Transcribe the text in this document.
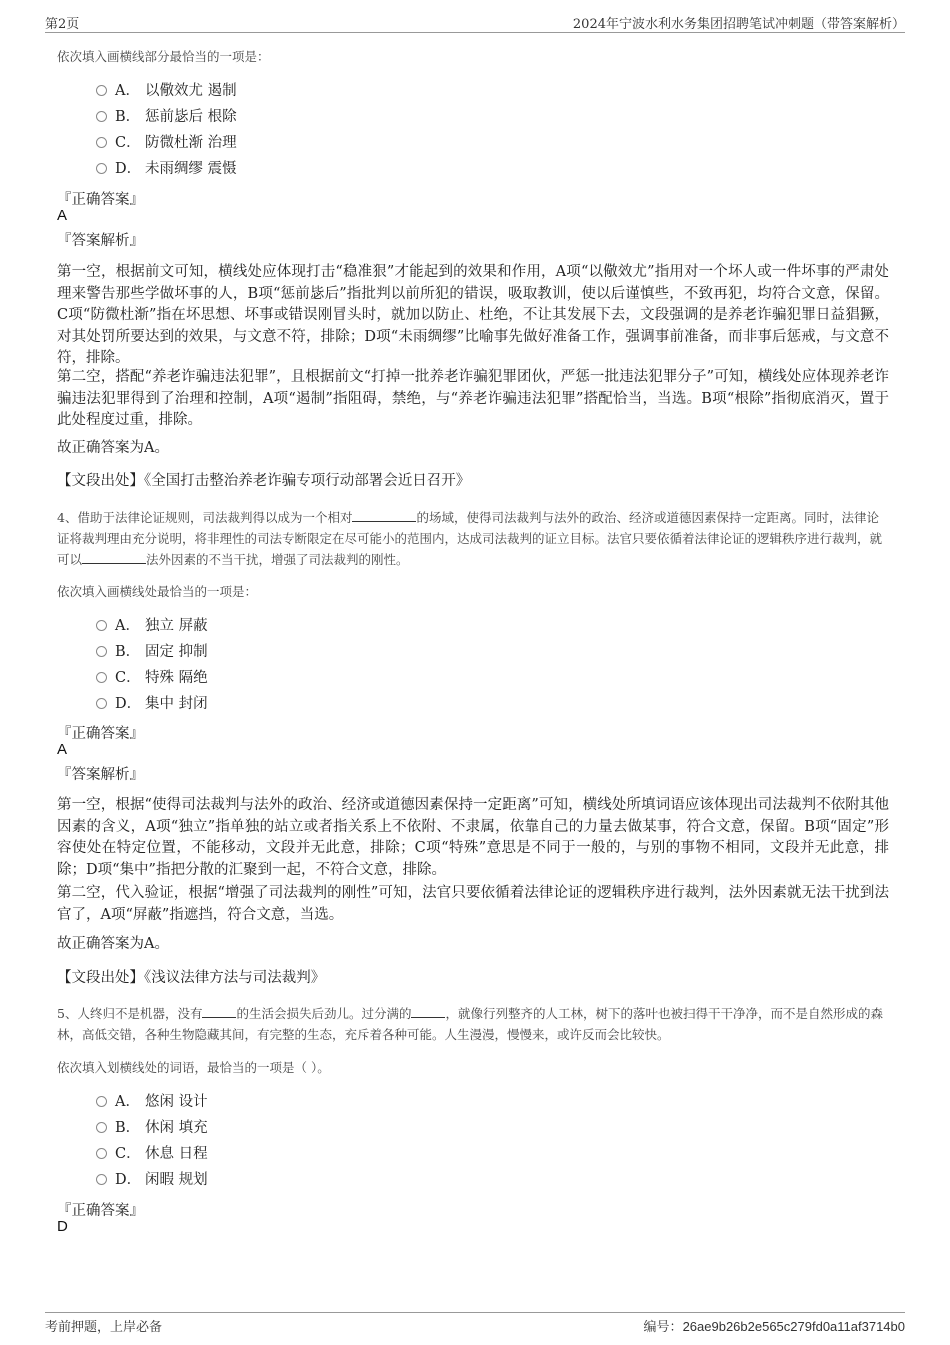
第2页	2024年宁波水利水务集团招聘笔试冲刺题（带答案解析）
依次填入画横线部分最恰当的一项是：
A． 以儆效尤 遏制
B． 惩前毖后 根除
C． 防微杜渐 治理
D． 未雨绸缪 震慑
『正确答案』
A
『答案解析』
第一空，根据前文可知，横线处应体现打击“稳准狠”才能起到的效果和作用，A项“以儆效尤”指用对一个坏人或一件坏事的严肃处理来警告那些学做坏事的人，B项“惩前毖后”指批判以前所犯的错误，吸取教训，使以后谨慎些，不致再犯，均符合文意，保留。C项“防微杜渐”指在坏思想、坏事或错误刚冒头时，就加以防止、杜绝，不让其发展下去，文段强调的是养老诈骗犯罪日益猖獗，对其处罚所要达到的效果，与文意不符，排除；D项“未雨绸缪”比喻事先做好准备工作，强调事前准备，而非事后惩戒，与文意不符，排除。
第二空，搭配“养老诈骗违法犯罪”，且根据前文“打掉一批养老诈骗犯罪团伙，严惩一批违法犯罪分子”可知，横线处应体现养老诈骗违法犯罪得到了治理和控制，A项“遏制”指阻碍，禁绝，与“养老诈骗违法犯罪”搭配恰当，当选。B项“根除”指彻底消灭，置于此处程度过重，排除。
故正确答案为A。
【文段出处】《全国打击整治养老诈骗专项行动部署会近日召开》
4、借助于法律论证规则，司法裁判得以成为一个相对	的场域，使得司法裁判与法外的政治、经济或道德因素保持一定距离。同时，法律论证将裁判理由充分说明，将非理性的司法专断限定在尽可能小的范围内，达成司法裁判的证立目标。法官只要依循着法律论证的逻辑秩序进行裁判，就可以	法外因素的不当干扰，增强了司法裁判的刚性。
依次填入画横线处最恰当的一项是：
A． 独立 屏蔽
B． 固定 抑制
C． 特殊 隔绝
D． 集中 封闭
『正确答案』
A
『答案解析』
第一空，根据“使得司法裁判与法外的政治、经济或道德因素保持一定距离”可知，横线处所填词语应该体现出司法裁判不依附其他因素的含义，A项“独立”指单独的站立或者指关系上不依附、不隶属，依靠自己的力量去做某事，符合文意，保留。B项“固定”形容使处在特定位置，不能移动，文段并无此意，排除；C项“特殊”意思是不同于一般的，与别的事物不相同，文段并无此意，排除；D项“集中”指把分散的汇聚到一起，不符合文意，排除。
第二空，代入验证，根据“增强了司法裁判的刚性”可知，法官只要依循着法律论证的逻辑秩序进行裁判，法外因素就无法干扰到法官了，A项“屏蔽”指遮挡，符合文意，当选。
故正确答案为A。
【文段出处】《浅议法律方法与司法裁判》
5、人终归不是机器，没有	的生活会损失后劲儿。过分满的	，就像行列整齐的人工林，树下的落叶也被扫得干干净净，而不是自然形成的森林，高低交错，各种生物隐藏其间，有完整的生态，充斥着各种可能。人生漫漫，慢慢来，或许反而会比较快。
依次填入划横线处的词语，最恰当的一项是（ ）。
A． 悠闲 设计
B． 休闲 填充
C． 休息 日程
D． 闲暇 规划
『正确答案』
D
考前押题，上岸必备	编号：26ae9b26b2e565c279fd0a11af3714b0
